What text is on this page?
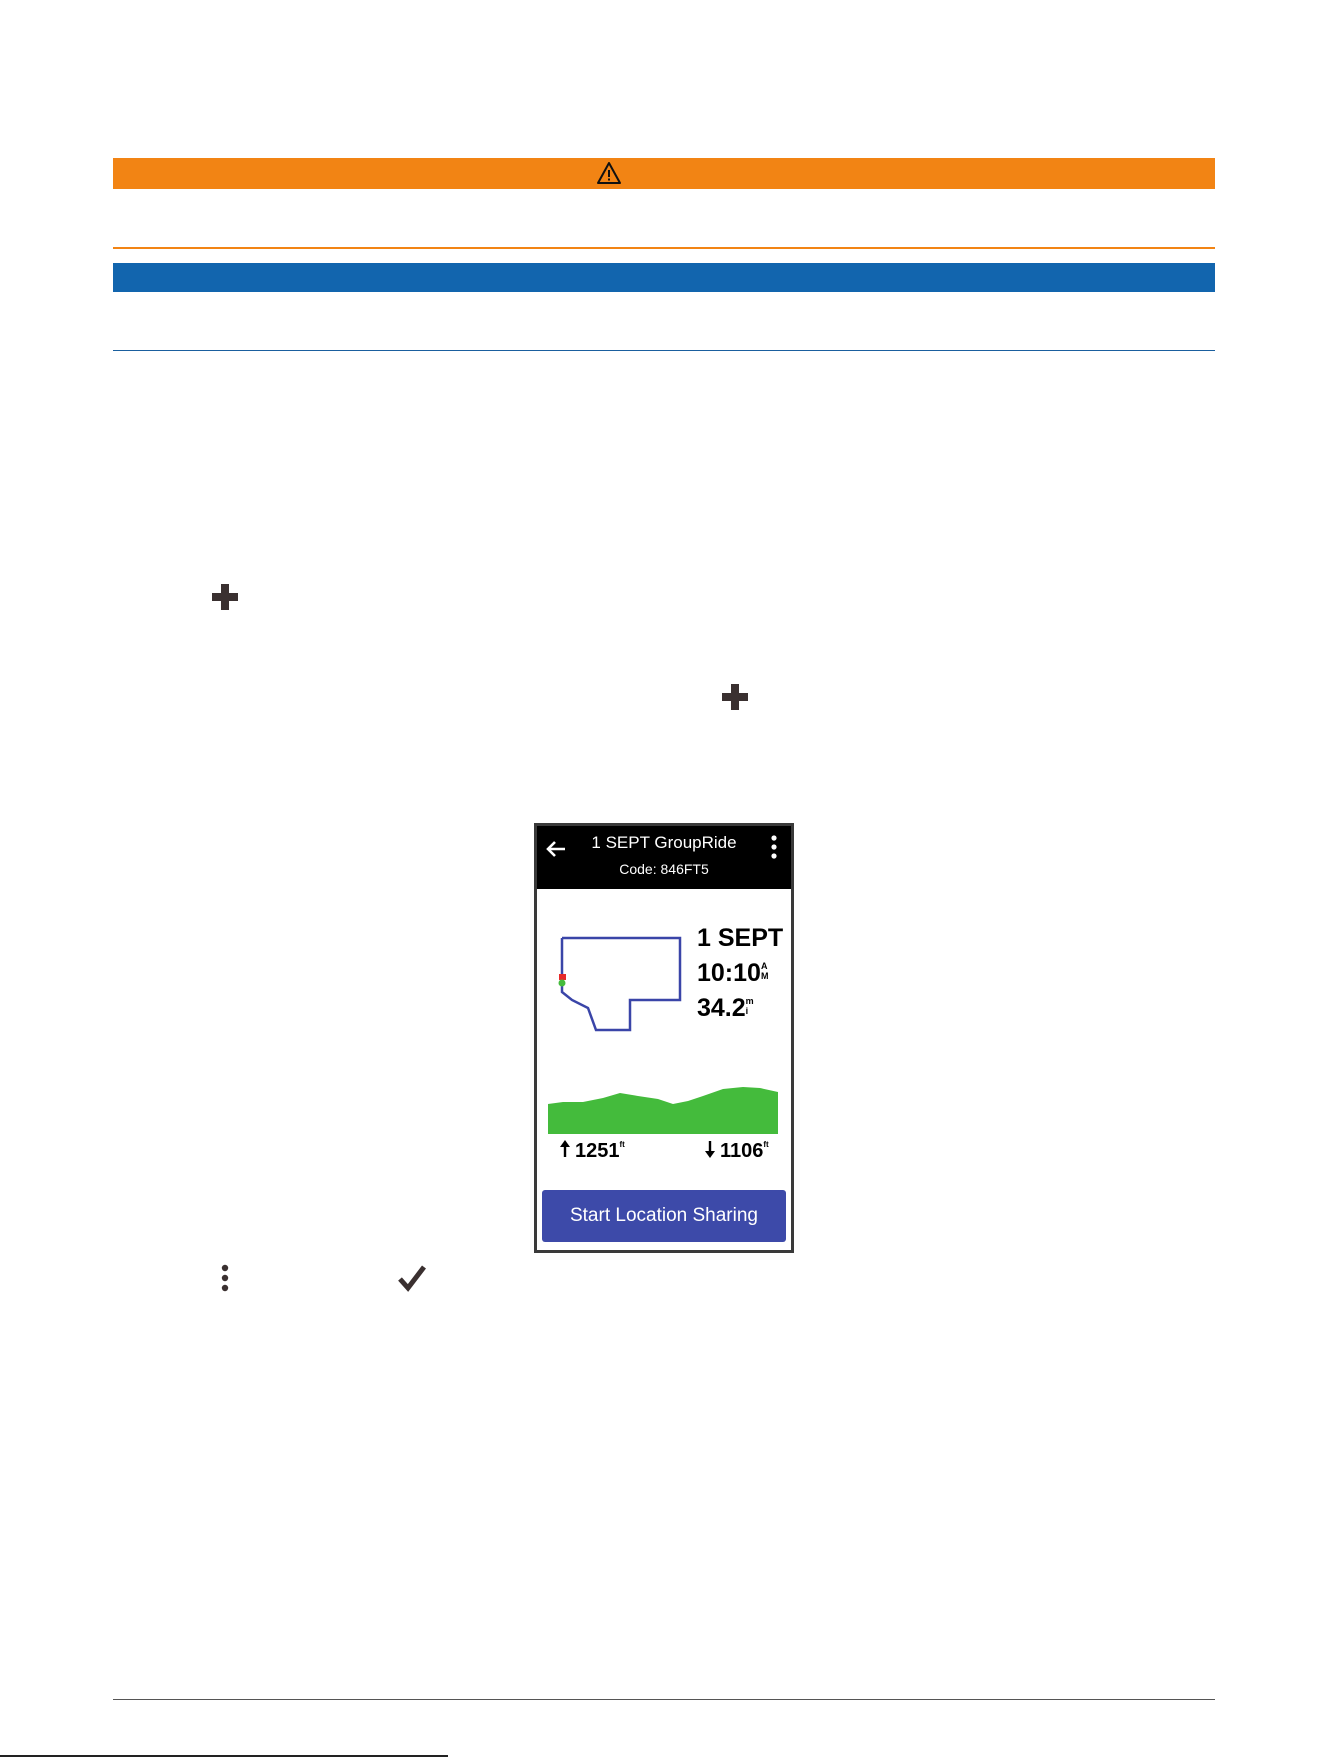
1 SEPT GroupRide
Code: 846FT5
1 SEPT
10:10A
M
34.2m
i
$1251^{ft}$	$1106^{ft}$
Start Location Sharing
